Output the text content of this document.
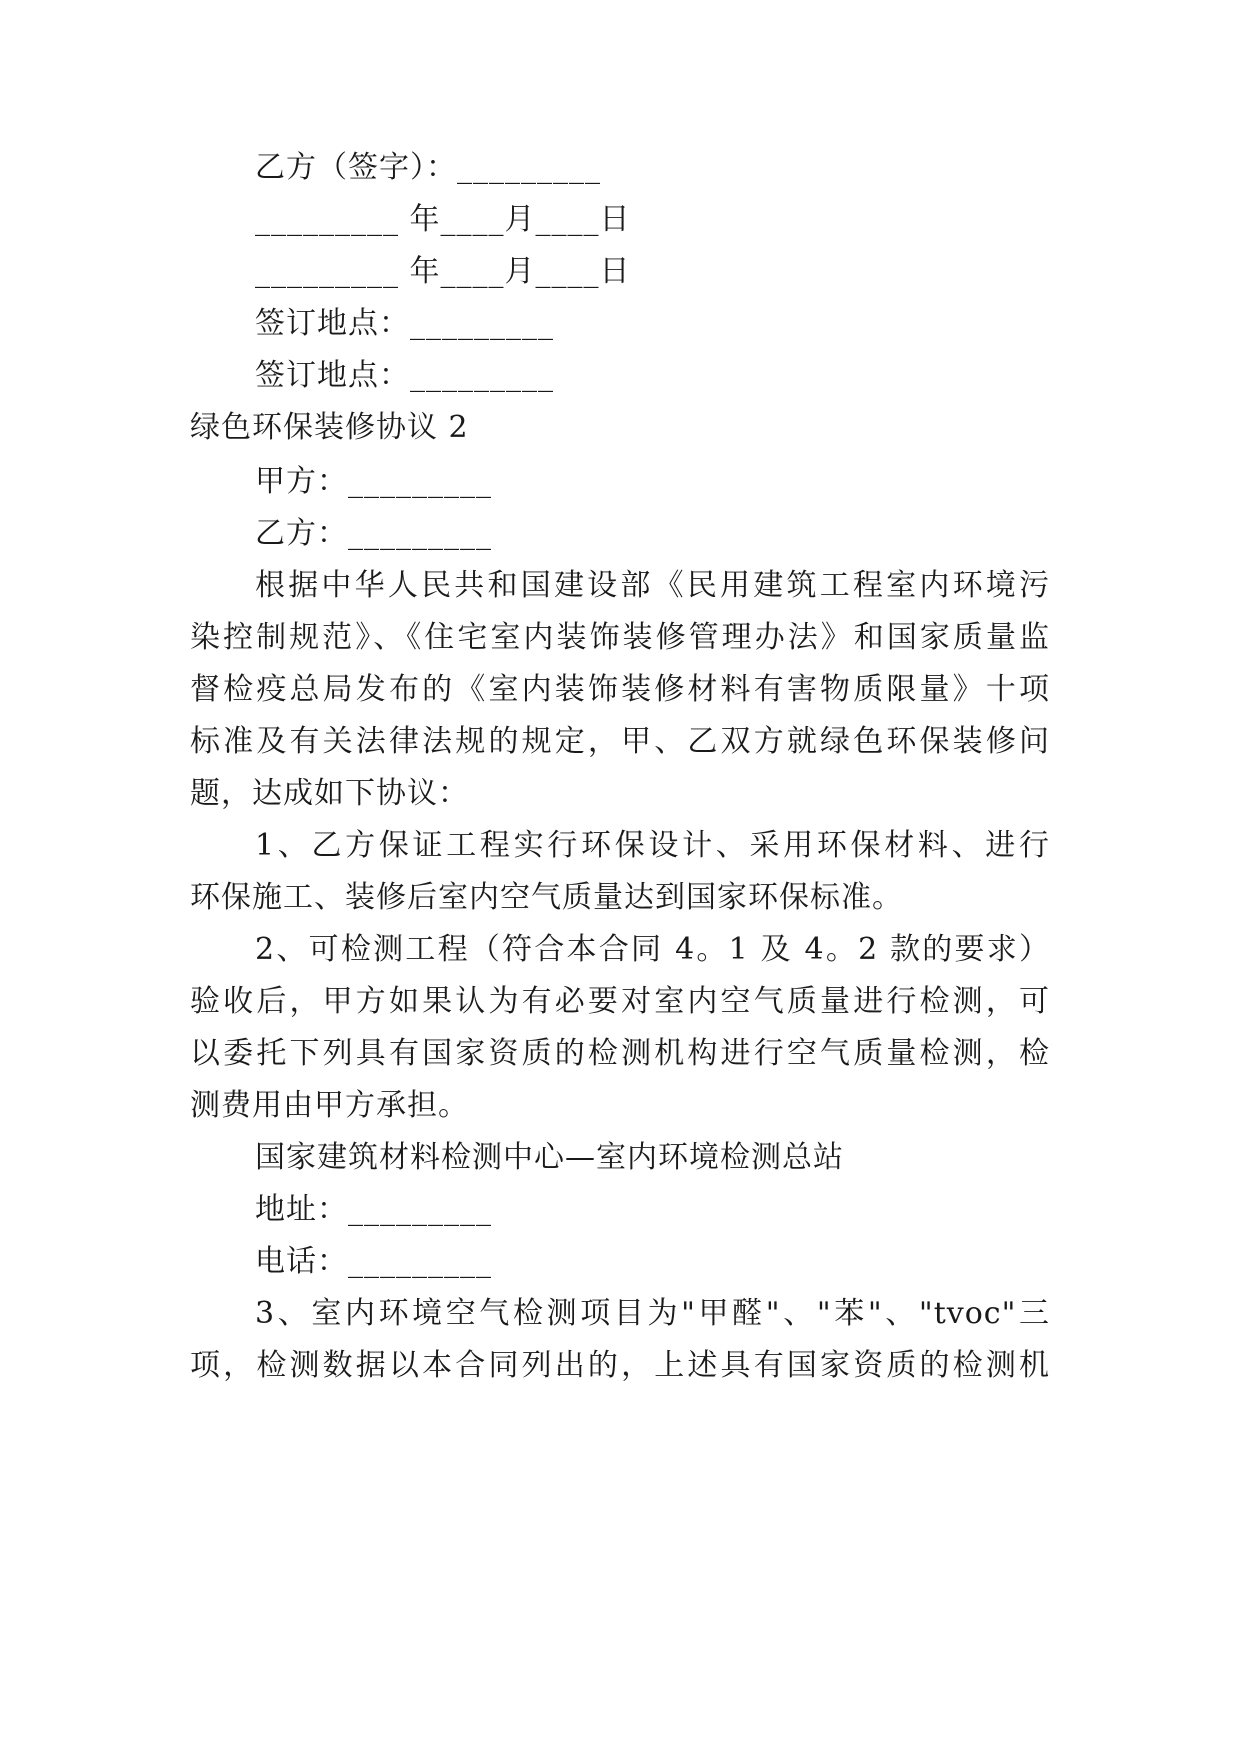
乙方（签字）：_________
_________ 年____月____日
_________ 年____月____日
签订地点：_________
签订地点：_________
绿色环保装修协议 2
甲方：_________
乙方：_________
根据中华人民共和国建设部《民用建筑工程室内环境污
染控制规范》、《住宅室内装饰装修管理办法》和国家质量监
督检疫总局发布的《室内装饰装修材料有害物质限量》十项
标准及有关法律法规的规定，甲、乙双方就绿色环保装修问
题，达成如下协议：
1、乙方保证工程实行环保设计、采用环保材料、进行
环保施工、装修后室内空气质量达到国家环保标准。
2、可检测工程（符合本合同 4。1 及 4。2 款的要求）
验收后，甲方如果认为有必要对室内空气质量进行检测，可
以委托下列具有国家资质的检测机构进行空气质量检测，检
测费用由甲方承担。
国家建筑材料检测中心—室内环境检测总站
地址：_________
电话：_________
3、室内环境空气检测项目为"甲醛"、"苯"、"tvoc"三
项，检测数据以本合同列出的，上述具有国家资质的检测机
